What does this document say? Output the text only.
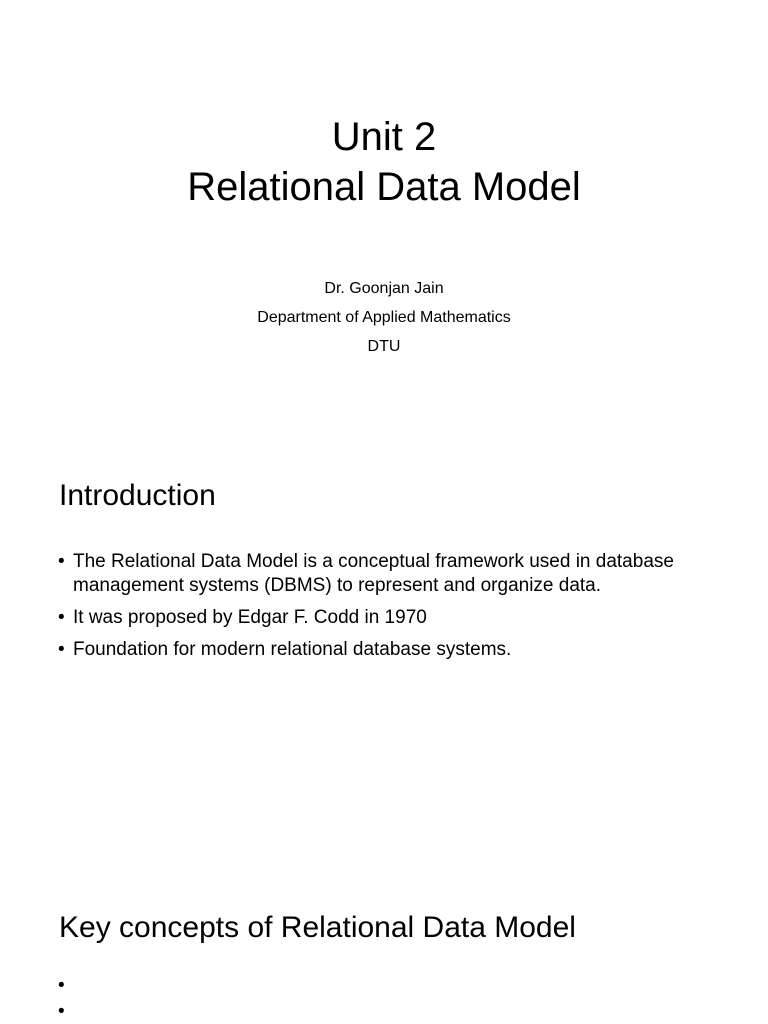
Unit 2
Relational Data Model
Dr. Goonjan Jain
Department of Applied Mathematics
DTU
Introduction
• The Relational Data Model is a conceptual framework used in database management systems (DBMS) to represent and organize data.
• It was proposed by Edgar F. Codd in 1970
• Foundation for modern relational database systems.
Key concepts of Relational Data Model
•
•
